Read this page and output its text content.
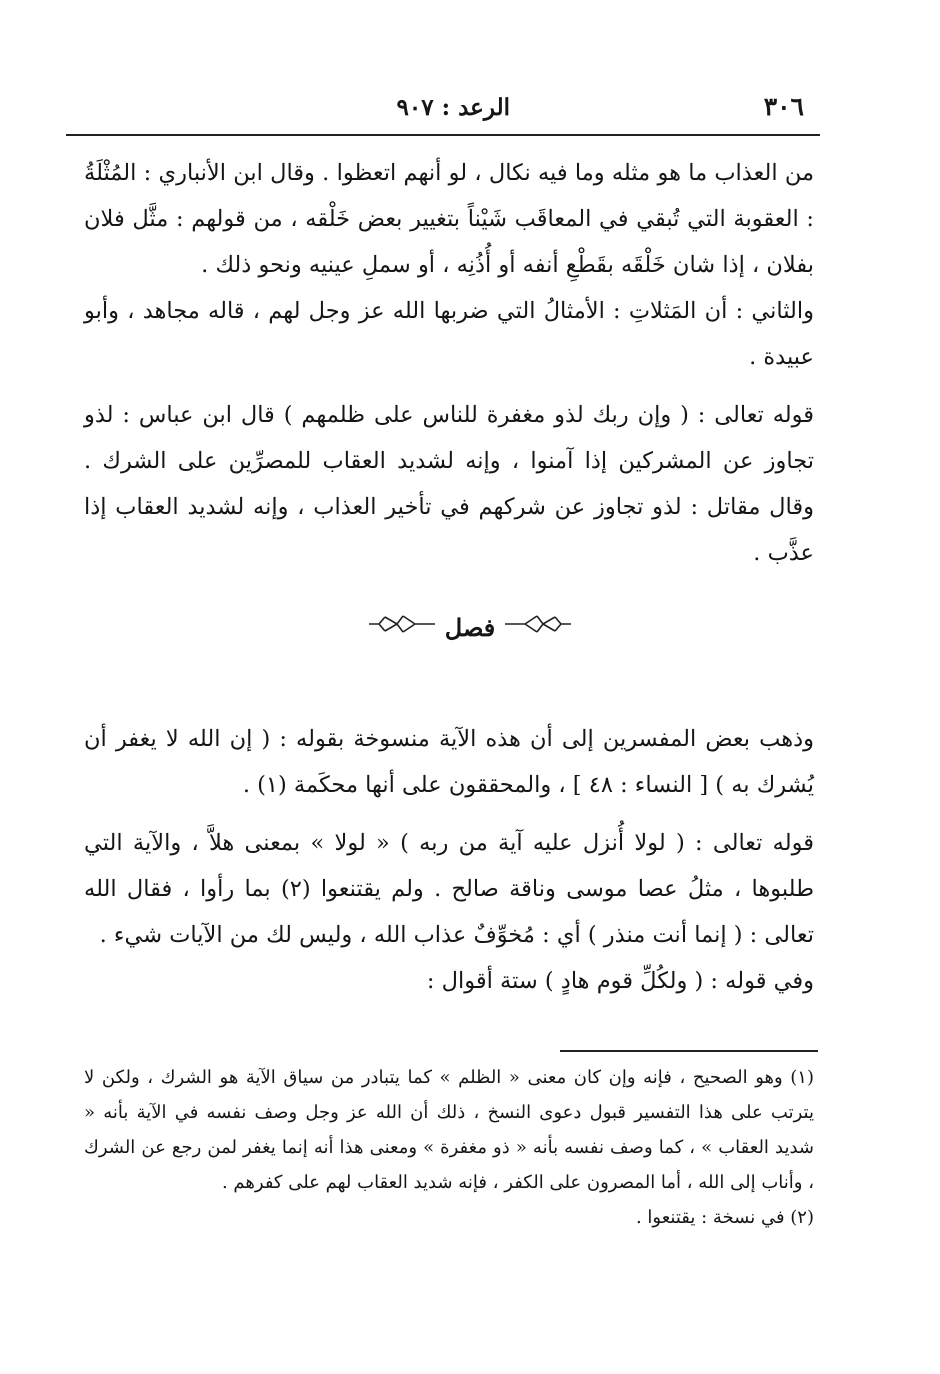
٣٠٦
الرعد : ٩٠٧

من العذاب ما هو مثله وما فيه نكال ، لو أنهم اتعظوا . وقال ابن الأنباري : المُثْلَةُ : العقوبة التي تُبقي في المعاقَب شَيْناً بتغيير بعض خَلْقه ، من قولهم : مثَّل فلان بفلان ، إذا شان خَلْقَه بقَطْعِ أنفه أو أُذُنِه ، أو سملِ عينيه ونحو ذلك .

والثاني : أن المَثلاتِ : الأمثالُ التي ضربها الله عز وجل لهم ، قاله مجاهد ، وأبو عبيدة .

قوله تعالى : ( وإن ربك لذو مغفرة للناس على ظلمهم ) قال ابن عباس : لذو تجاوز عن المشركين إذا آمنوا ، وإنه لشديد العقاب للمصرِّين على الشرك . وقال مقاتل : لذو تجاوز عن شركهم في تأخير العذاب ، وإنه لشديد العقاب إذا عذَّب .

فصل

وذهب بعض المفسرين إلى أن هذه الآية منسوخة بقوله : ( إن الله لا يغفر أن يُشرك به ) [ النساء : ٤٨ ] ، والمحققون على أنها محكَمة (١) .

قوله تعالى : ( لولا أُنزل عليه آية من ربه ) « لولا » بمعنى هلاَّ ، والآية التي طلبوها ، مثلُ عصا موسى وناقة صالح . ولم يقتنعوا (٢) بما رأوا ، فقال الله تعالى : ( إنما أنت منذر ) أي : مُخوِّفٌ عذاب الله ، وليس لك من الآيات شيء .

وفي قوله : ( ولكُلِّ قوم هادٍ ) ستة أقوال :

(١) وهو الصحيح ، فإنه وإن كان معنى « الظلم » كما يتبادر من سياق الآية هو الشرك ، ولكن لا يترتب على هذا التفسير قبول دعوى النسخ ، ذلك أن الله عز وجل وصف نفسه في الآية بأنه « شديد العقاب » ، كما وصف نفسه بأنه « ذو مغفرة » ومعنى هذا أنه إنما يغفر لمن رجع عن الشرك ، وأناب إلى الله ، أما المصرون على الكفر ، فإنه شديد العقاب لهم على كفرهم .

(٢) في نسخة : يقتنعوا .
